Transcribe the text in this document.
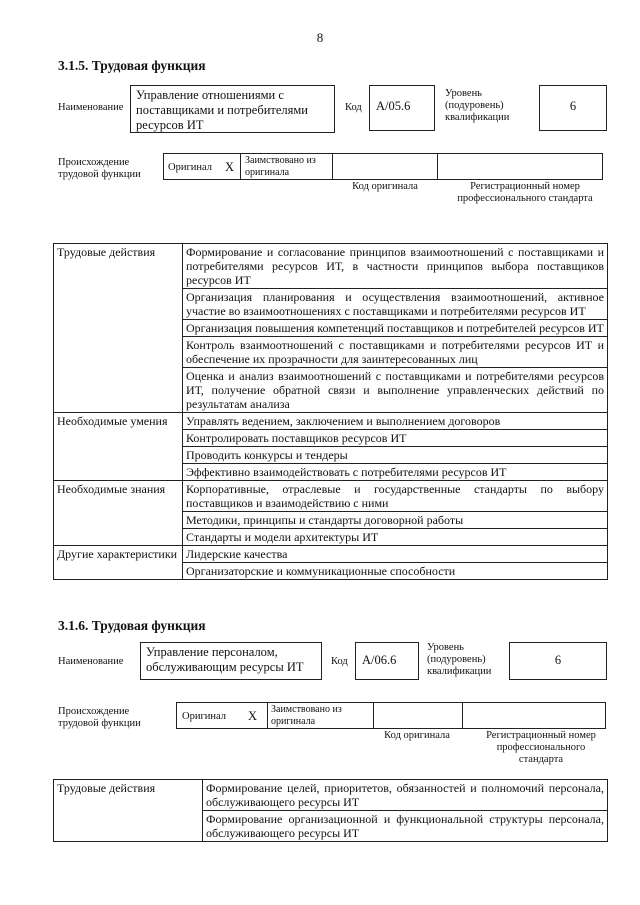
8
3.1.5. Трудовая функция
Наименование
Управление отношениями с поставщиками и потребителями ресурсов ИТ
Код	A/05.6
Уровень (подуровень) квалификации
6
Происхождение трудовой функции
Оригинал X Заимствовано из оригинала
Код оригинала	Регистрационный номер профессионального стандарта
Трудовые действия	Формирование и согласование принципов взаимоотношений с поставщиками и потребителями ресурсов ИТ, в частности принципов выбора поставщиков ресурсов ИТ
	Организация планирования и осуществления взаимоотношений, активное участие во взаимоотношениях с поставщиками и потребителями ресурсов ИТ
	Организация повышения компетенций поставщиков и потребителей ресурсов ИТ
	Контроль взаимоотношений с поставщиками и потребителями ресурсов ИТ и обеспечение их прозрачности для заинтересованных лиц
	Оценка и анализ взаимоотношений с поставщиками и потребителями ресурсов ИТ, получение обратной связи и выполнение управленческих действий по результатам анализа
Необходимые умения	Управлять ведением, заключением и выполнением договоров
	Контролировать поставщиков ресурсов ИТ
	Проводить конкурсы и тендеры
	Эффективно взаимодействовать с потребителями ресурсов ИТ
Необходимые знания	Корпоративные, отраслевые и государственные стандарты по выбору поставщиков и взаимодействию с ними
	Методики, принципы и стандарты договорной работы
	Стандарты и модели архитектуры ИТ
Другие характеристики	Лидерские качества
	Организаторские и коммуникационные способности
3.1.6. Трудовая функция
Наименование
Управление персоналом, обслуживающим ресурсы ИТ	Код	A/06.6
Уровень (подуровень) квалификации
6
Происхождение трудовой функции
Оригинал X Заимствовано из оригинала
Код оригинала	Регистрационный номер профессионального стандарта
Трудовые действия	Формирование целей, приоритетов, обязанностей и полномочий персонала, обслуживающего ресурсы ИТ
Формирование организационной и функциональной структуры персонала, обслуживающего ресурсы ИТ
